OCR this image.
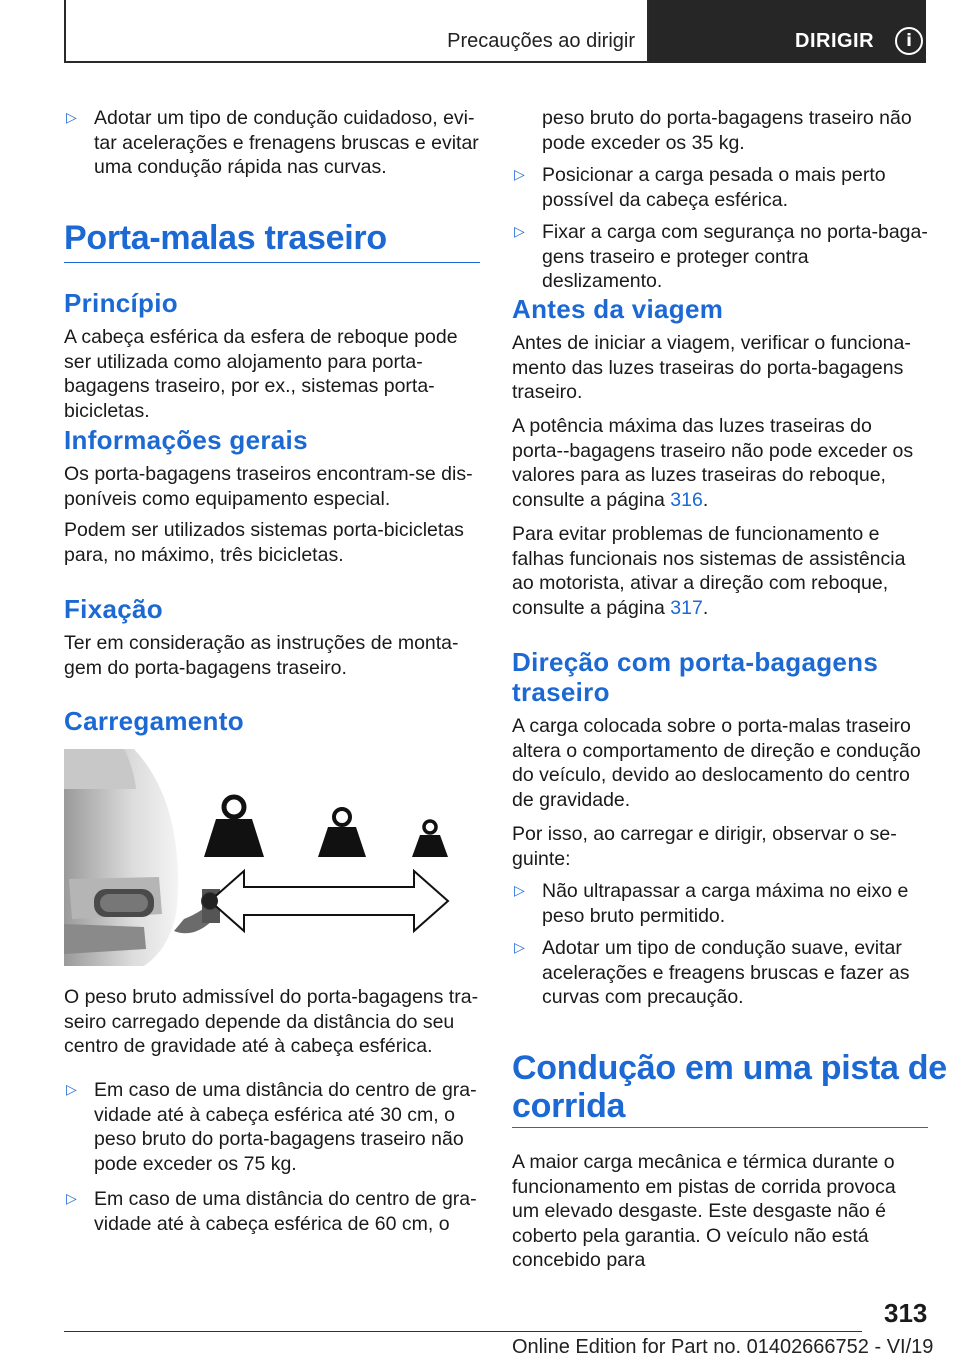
Precauções ao dirigir	DIRIGIR	i
▷ Adotar um tipo de condução cuidadoso, evitar acelerações e frenagens bruscas e evitar uma condução rápida nas curvas.
Porta-malas traseiro
Princípio

A cabeça esférica da esfera de reboque pode ser utilizada como alojamento para porta-bagagens traseiro, por ex., sistemas porta-bicicletas.

Informações gerais

Os porta-bagagens traseiros encontram-se disponíveis como equipamento especial.

Podem ser utilizados sistemas porta-bicicletas para, no máximo, três bicicletas.

Fixação

Ter em consideração as instruções de montagem do porta-bagagens traseiro.

Carregamento

O peso bruto admissível do porta-bagagens traseiro carregado depende da distância do seu centro de gravidade até à cabeça esférica.

▷ Em caso de uma distância do centro de gravidade até à cabeça esférica até 30 cm, o peso bruto do porta-bagagens traseiro não pode exceder os 75 kg.
▷ Em caso de uma distância do centro de gravidade até à cabeça esférica de 60 cm, o

peso bruto do porta-bagagens traseiro não pode exceder os 35 kg.

▷ Posicionar a carga pesada o mais perto possível da cabeça esférica.
▷ Fixar a carga com segurança no porta-bagagens traseiro e proteger contra deslizamento.
Antes da viagem

Antes de iniciar a viagem, verificar o funcionamento das luzes traseiras do porta-bagagens traseiro.

A potência máxima das luzes traseiras do porta-‐bagagens traseiro não pode exceder os valores para as luzes traseiras do reboque, consulte a página 316.

Para evitar problemas de funcionamento e falhas funcionais nos sistemas de assistência ao motorista, ativar a direção com reboque, consulte a página 317.

Direção com porta-bagagens
traseiro

A carga colocada sobre o porta-malas traseiro altera o comportamento de direção e condução do veículo, devido ao deslocamento do centro de gravidade.

Por isso, ao carregar e dirigir, observar o seguinte:

▷ Não ultrapassar a carga máxima no eixo e peso bruto permitido.
▷ Adotar um tipo de condução suave, evitar acelerações e freagens bruscas e fazer as curvas com precaução.
Condução em uma pista de
corrida

A maior carga mecânica e térmica durante o funcionamento em pistas de corrida provoca um elevado desgaste. Este desgaste não é coberto pela garantia. O veículo não está concebido para

313
Online Edition for Part no. 01402666752 - VI/19
